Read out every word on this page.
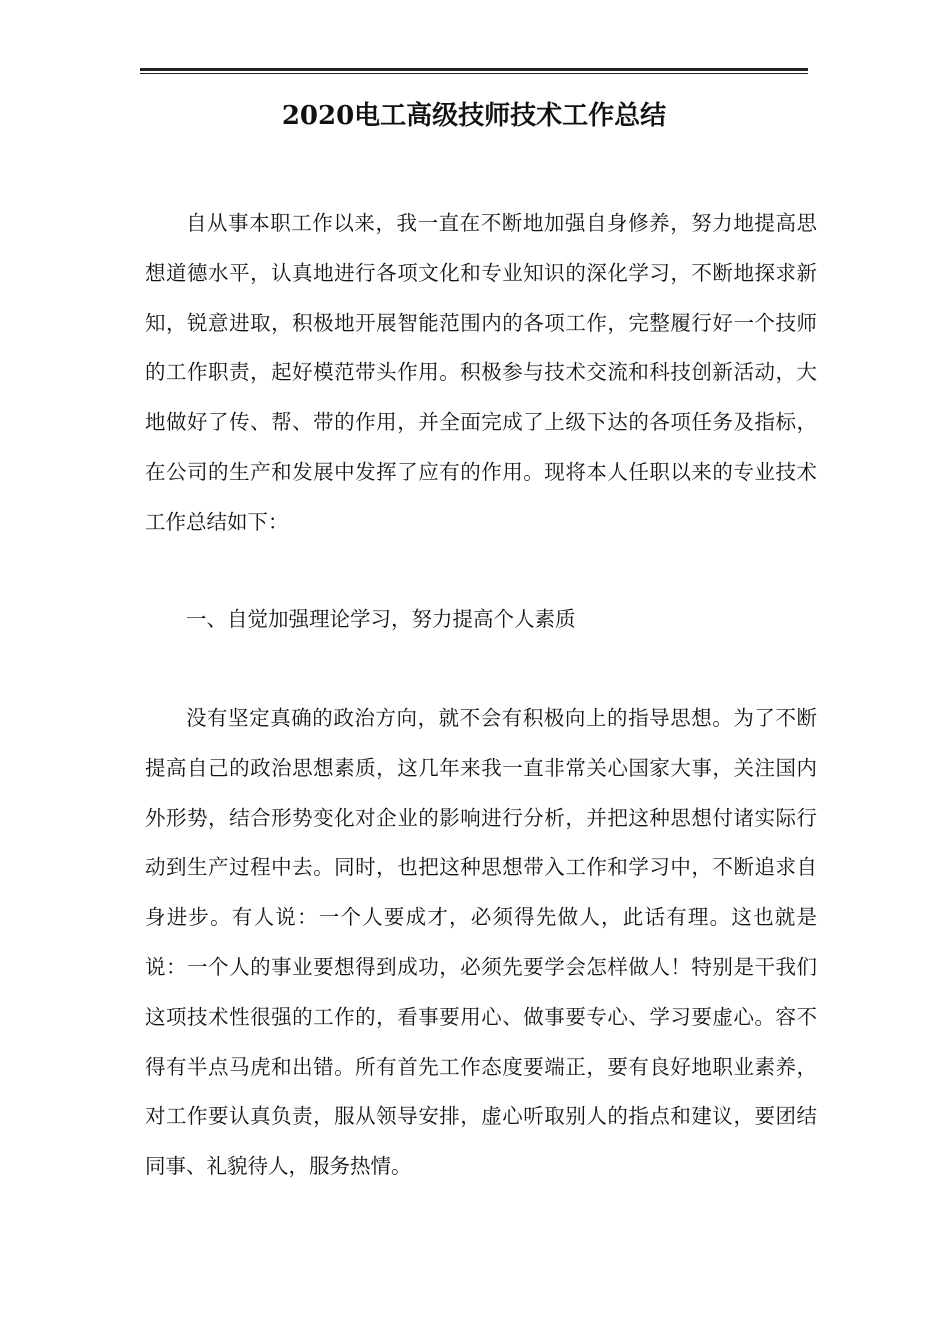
2020电工高级技师技术工作总结

自从事本职工作以来，我一直在不断地加强自身修养，努力地提高思想道德水平，认真地进行各项文化和专业知识的深化学习，不断地探求新知，锐意进取，积极地开展智能范围内的各项工作，完整履行好一个技师的工作职责，起好模范带头作用。积极参与技术交流和科技创新活动，大地做好了传、帮、带的作用，并全面完成了上级下达的各项任务及指标，在公司的生产和发展中发挥了应有的作用。现将本人任职以来的专业技术工作总结如下：

一、自觉加强理论学习，努力提高个人素质

没有坚定真确的政治方向，就不会有积极向上的指导思想。为了不断提高自己的政治思想素质，这几年来我一直非常关心国家大事，关注国内外形势，结合形势变化对企业的影响进行分析，并把这种思想付诸实际行动到生产过程中去。同时，也把这种思想带入工作和学习中，不断追求自身进步。有人说：一个人要成才，必须得先做人，此话有理。这也就是说：一个人的事业要想得到成功，必须先要学会怎样做人！特别是干我们这项技术性很强的工作的，看事要用心、做事要专心、学习要虚心。容不得有半点马虎和出错。所有首先工作态度要端正，要有良好地职业素养，对工作要认真负责，服从领导安排，虚心听取别人的指点和建议，要团结同事、礼貌待人，服务热情。
